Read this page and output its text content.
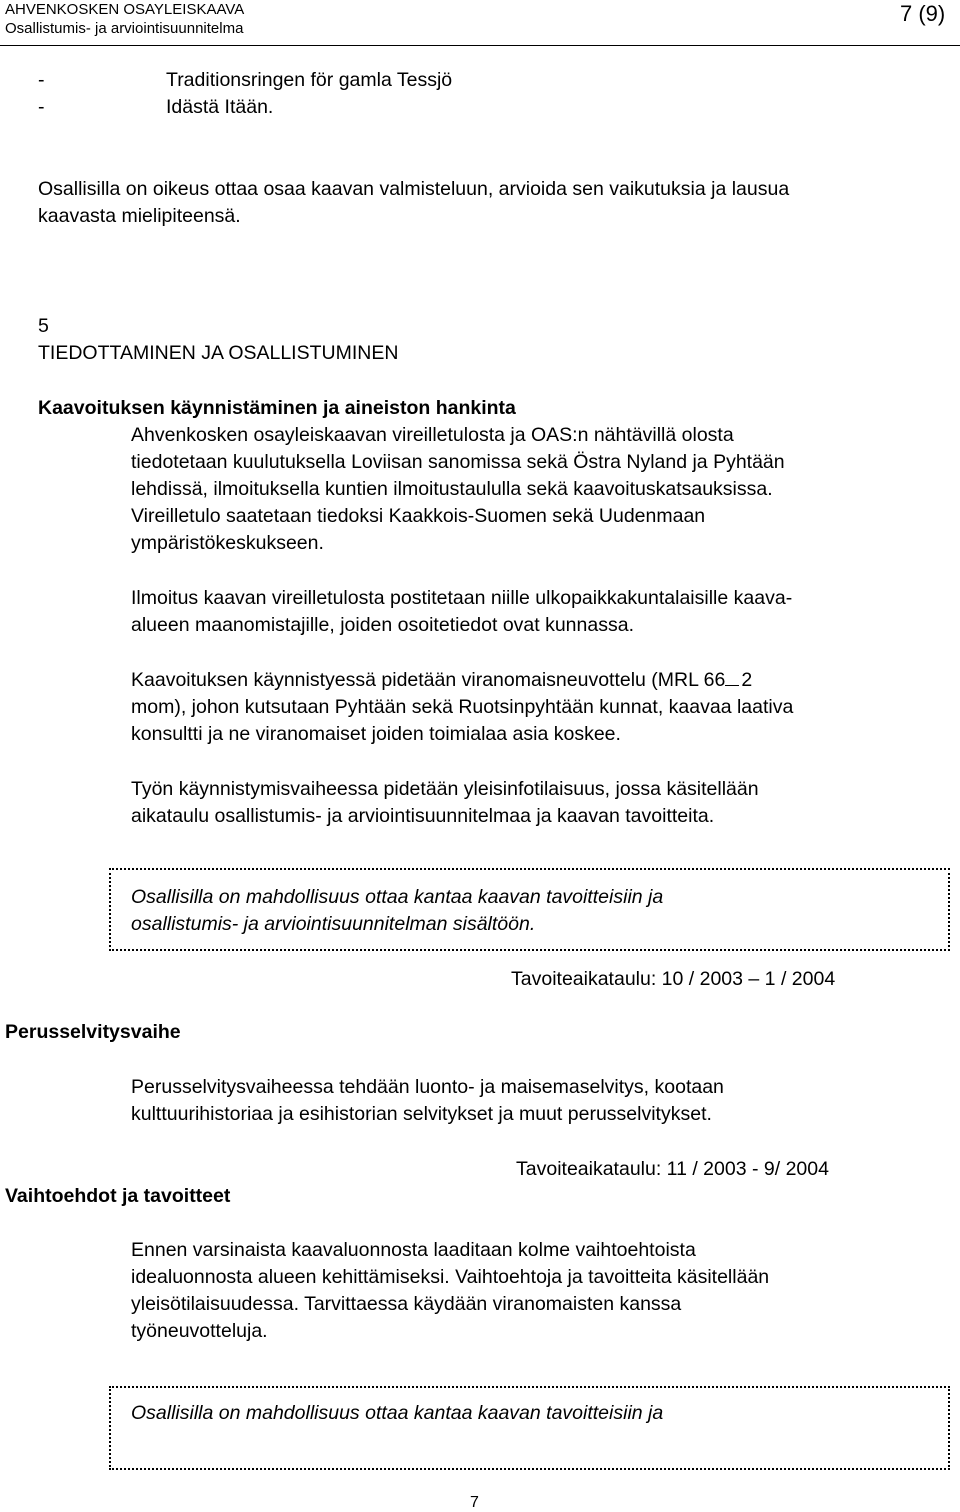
AHVENKOSKEN OSAYLEISKAAVA
Osallistumis- ja arviointisuunnitelma
7 (9)
-	Traditionsringen för gamla Tessjö
-	Idästä Itään.
Osallisilla on oikeus ottaa osaa kaavan valmisteluun, arvioida sen vaikutuksia ja lausua
kaavasta mielipiteensä.
5
TIEDOTTAMINEN JA OSALLISTUMINEN
Kaavoituksen käynnistäminen ja aineiston hankinta
Ahvenkosken osayleiskaavan vireilletulosta ja OAS:n nähtävillä olosta
tiedotetaan kuulutuksella Loviisan sanomissa sekä Östra Nyland ja Pyhtään
lehdissä, ilmoituksella kuntien ilmoitustaululla sekä kaavoituskatsauksissa.
Vireilletulo saatetaan tiedoksi Kaakkois-Suomen sekä Uudenmaan
ympäristökeskukseen.
Ilmoitus kaavan vireilletulosta postitetaan niille ulkopaikkakuntalaisille kaava-
alueen maanomistajille, joiden osoitetiedot ovat kunnassa.
Kaavoituksen käynnistyessä pidetään viranomaisneuvottelu (MRL 66 2
mom), johon kutsutaan Pyhtään sekä Ruotsinpyhtään kunnat, kaavaa laativa
konsultti ja ne viranomaiset joiden toimialaa asia koskee.
Työn käynnistymisvaiheessa pidetään yleisinfotilaisuus, jossa käsitellään
aikataulu osallistumis- ja arviointisuunnitelmaa ja kaavan tavoitteita.
Osallisilla on mahdollisuus ottaa kantaa kaavan tavoitteisiin ja
osallistumis- ja arviointisuunnitelman sisältöön.
Tavoiteaikataulu: 10 / 2003 – 1 / 2004
Perusselvitysvaihe
Perusselvitysvaiheessa tehdään luonto- ja maisemaselvitys, kootaan
kulttuurihistoriaa ja esihistorian selvitykset ja muut perusselvitykset.
Tavoiteaikataulu: 11 / 2003 - 9/ 2004
Vaihtoehdot ja tavoitteet
Ennen varsinaista kaavaluonnosta laaditaan kolme vaihtoehtoista
idealuonnosta alueen kehittämiseksi. Vaihtoehtoja ja tavoitteita käsitellään
yleisötilaisuudessa. Tarvittaessa käydään viranomaisten kanssa
työneuvotteluja.
Osallisilla on mahdollisuus ottaa kantaa kaavan tavoitteisiin ja
7
